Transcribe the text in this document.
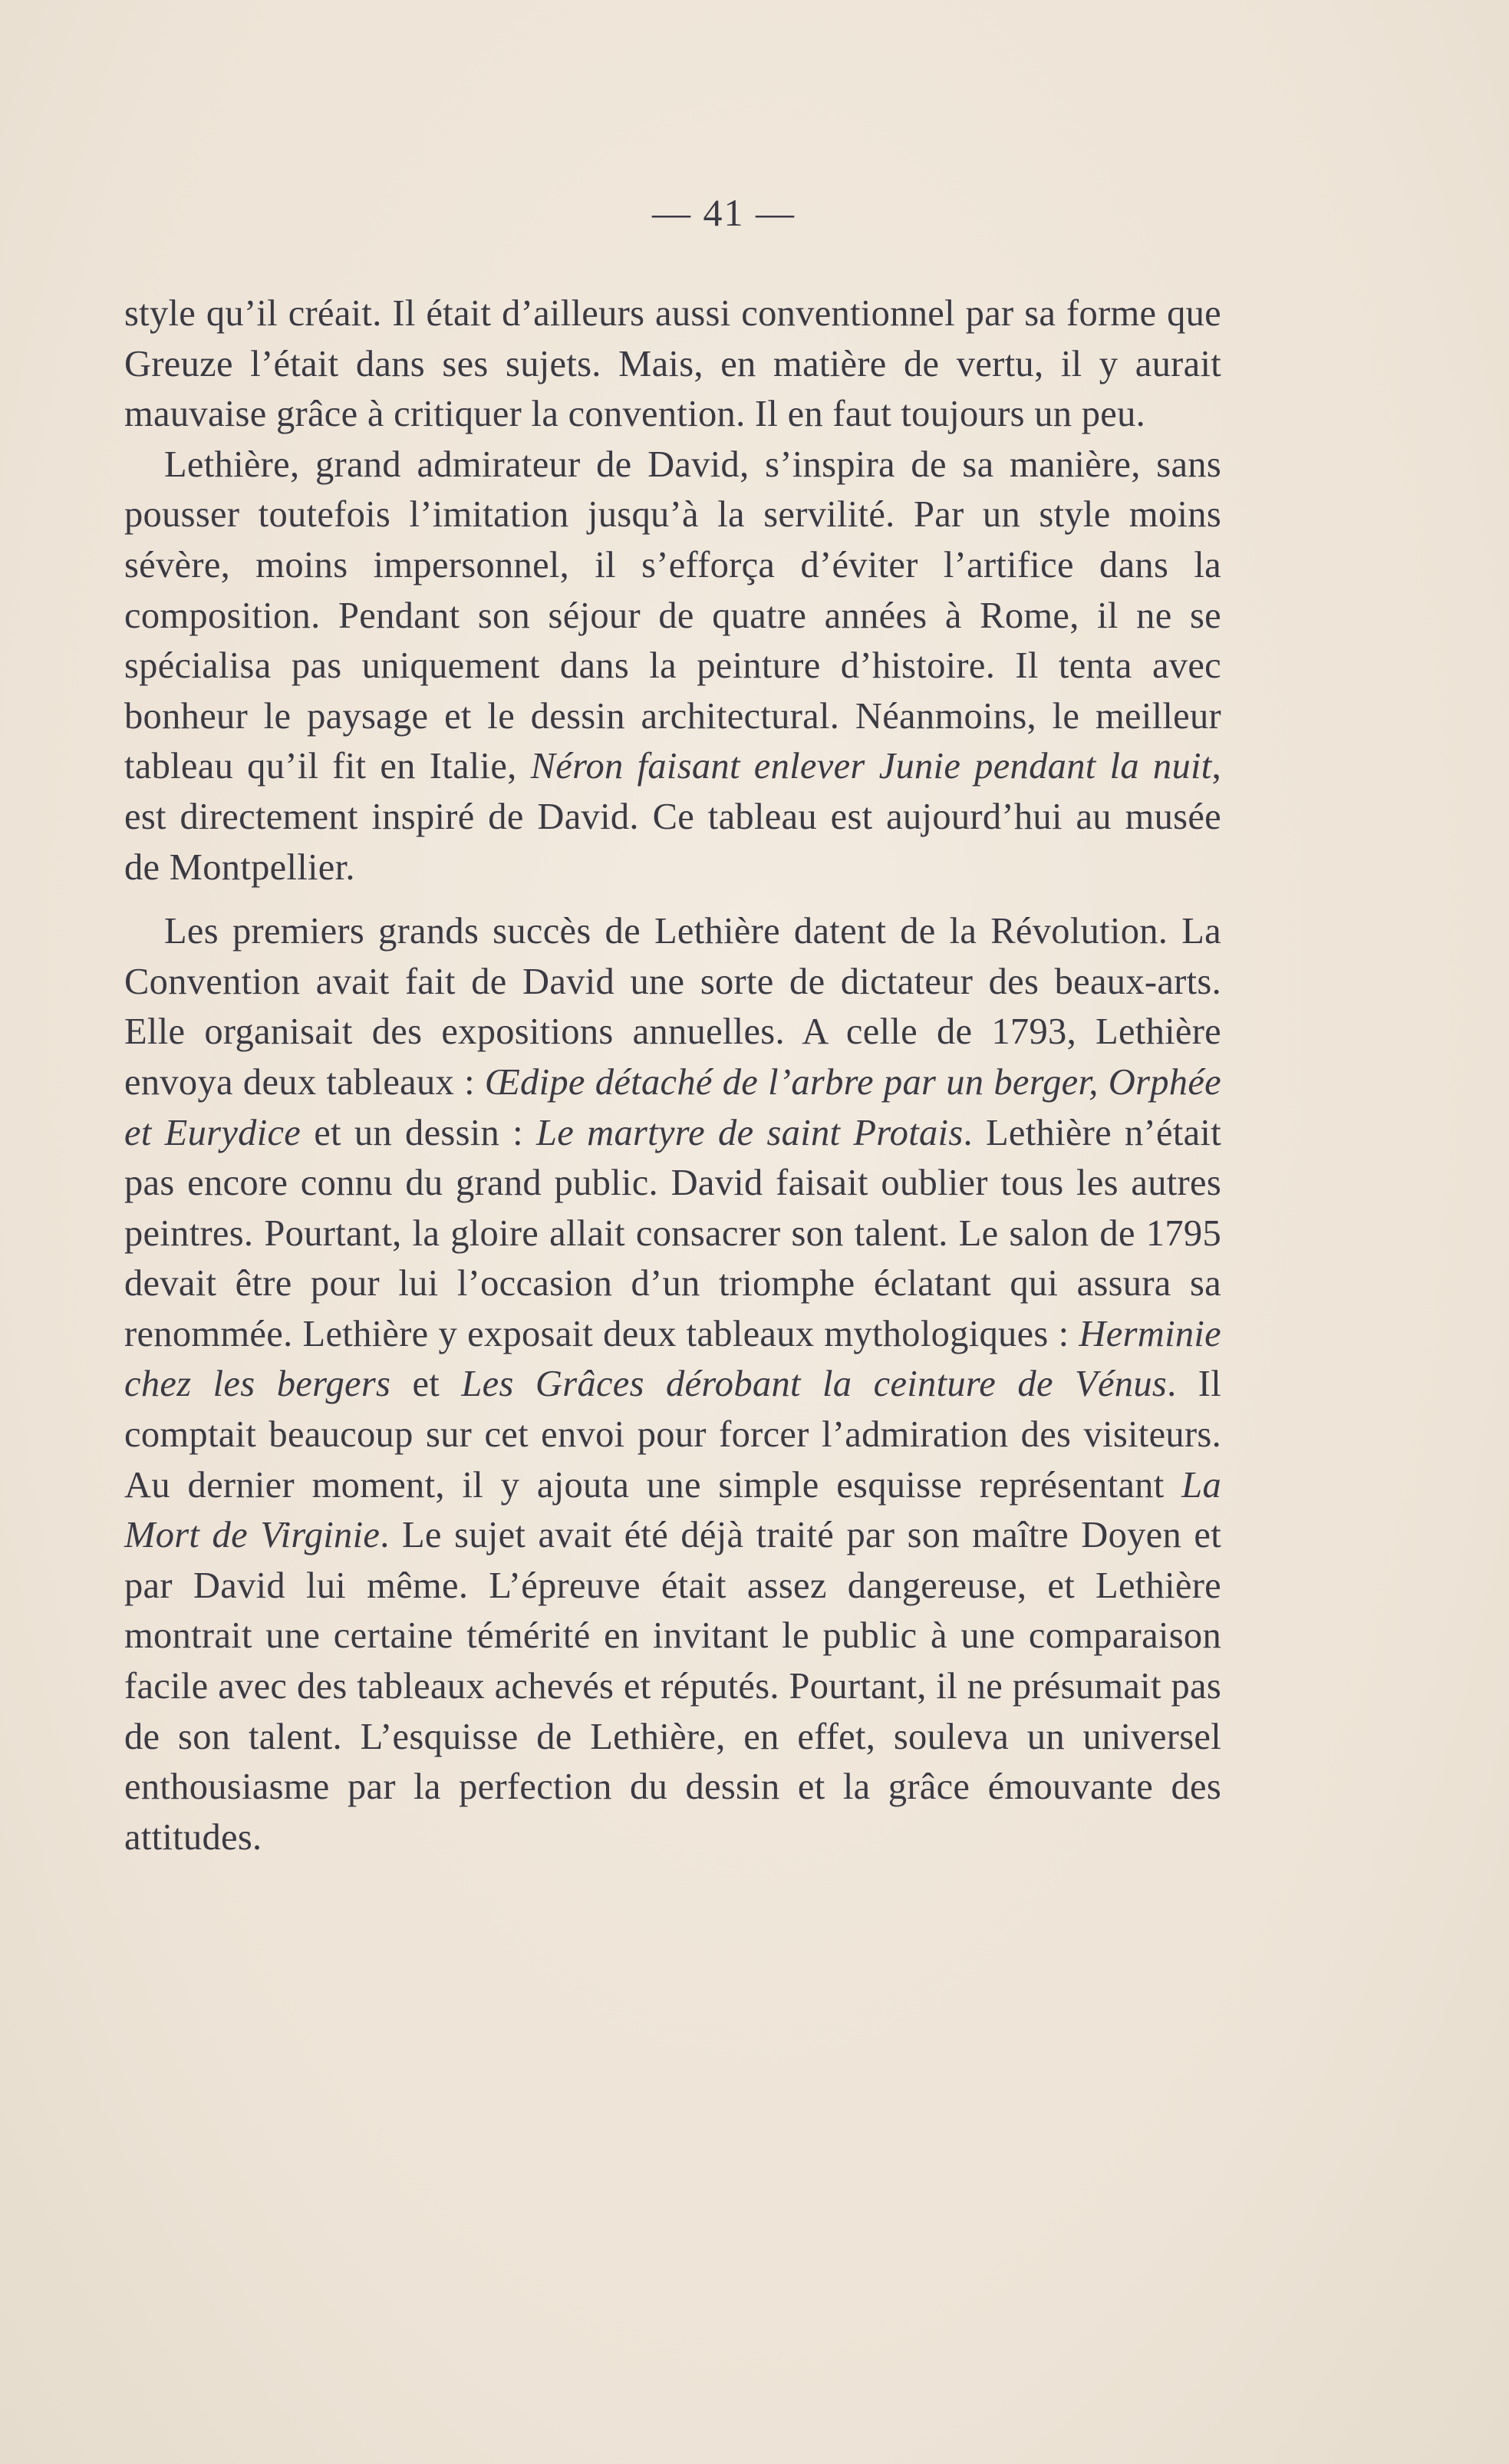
— 41 —

style qu’il créait. Il était d’ailleurs aussi conventionnel par sa forme que Greuze l’était dans ses sujets. Mais, en matière de vertu, il y aurait mauvaise grâce à critiquer la convention. Il en faut toujours un peu.

Lethière, grand admirateur de David, s’inspira de sa manière, sans pousser toutefois l’imitation jusqu’à la servilité. Par un style moins sévère, moins impersonnel, il s’efforça d’éviter l’artifice dans la composition. Pendant son séjour de quatre années à Rome, il ne se spécialisa pas uniquement dans la peinture d’histoire. Il tenta avec bonheur le paysage et le dessin architectural. Néanmoins, le meilleur tableau qu’il fit en Italie, Néron faisant enlever Junie pendant la nuit, est directement inspiré de David. Ce tableau est aujourd’hui au musée de Montpellier.

Les premiers grands succès de Lethière datent de la Révolution. La Convention avait fait de David une sorte de dictateur des beaux-arts. Elle organisait des expositions annuelles. A celle de 1793, Lethière envoya deux tableaux : Œdipe détaché de l’arbre par un berger, Orphée et Eurydice et un dessin : Le martyre de saint Protais. Lethière n’était pas encore connu du grand public. David faisait oublier tous les autres peintres. Pourtant, la gloire allait consacrer son talent. Le salon de 1795 devait être pour lui l’occasion d’un triomphe éclatant qui assura sa renommée. Lethière y exposait deux tableaux mythologiques : Herminie chez les bergers et Les Grâces dérobant la ceinture de Vénus. Il comptait beaucoup sur cet envoi pour forcer l’admiration des visiteurs. Au dernier moment, il y ajouta une simple esquisse représentant La Mort de Virginie. Le sujet avait été déjà traité par son maître Doyen et par David lui même. L’épreuve était assez dangereuse, et Lethière montrait une certaine témérité en invitant le public à une comparaison facile avec des tableaux achevés et réputés. Pourtant, il ne présumait pas de son talent. L’esquisse de Lethière, en effet, souleva un universel enthousiasme par la perfection du dessin et la grâce émouvante des attitudes.
